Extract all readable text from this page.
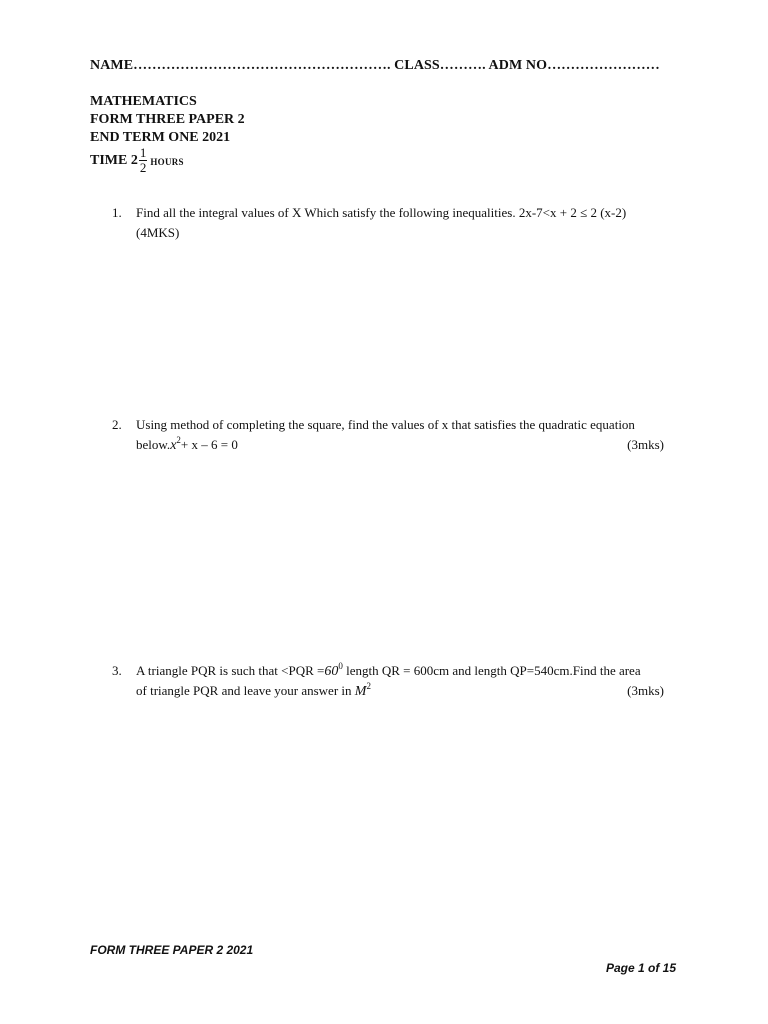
NAME………………………………………………. CLASS………. ADM NO……………………
MATHEMATICS
FORM THREE PAPER 2
END TERM ONE 2021
TIME $2 \frac{1}{2}$ HOURS
1.	Find all the integral values of X Which satisfy the following inequalities. 2x-7<x + 2 ≤ 2 (x-2)
(4MKS)
2.	Using method of completing the square, find the values of x that satisfies the quadratic equation
$below.x^2+ x - 6 = 0$	(3mks)
3.	A triangle PQR is such that $<PQR =60^0$ length QR = 600cm and length QP=540cm.Find the area
of triangle PQR and leave your answer in $M^2$	(3mks)
FORM THREE PAPER 2 2021
Page 1 of 15
